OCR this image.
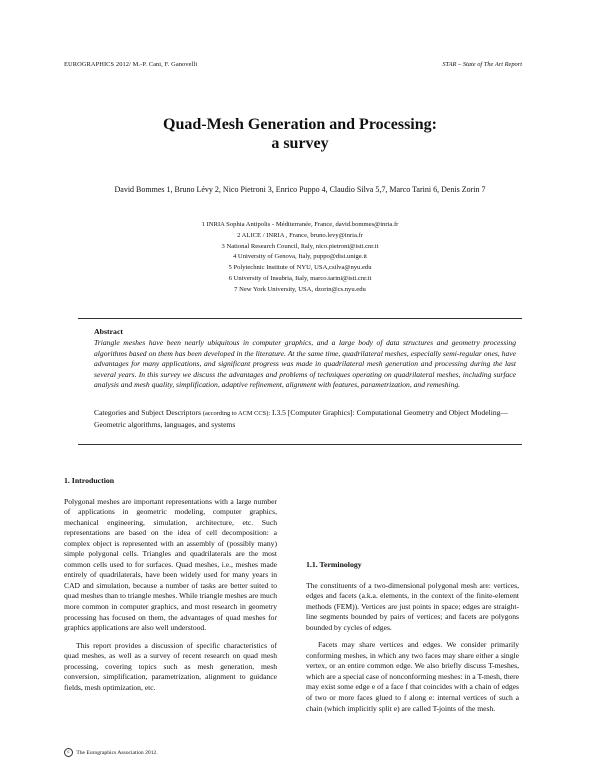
EUROGRAPHICS 2012/ M.-P. Cani, F. Ganovelli	STAR – State of The Art Report
Quad-Mesh Generation and Processing:
a survey
David Bommes 1, Bruno Lévy 2, Nico Pietroni 3, Enrico Puppo 4, Claudio Silva 5,7, Marco Tarini 6, Denis Zorin 7
1 INRIA Sophia Antipolis - Méditerranée, France, david.bommes@inria.fr
2 ALICE / INRIA , France, bruno.levy@inria.fr
3 National Research Council, Italy, nico.pietroni@isti.cnr.it
4 University of Genova, Italy, puppo@disi.unige.it
5 Polytechnic Institute of NYU, USA,csilva@nyu.edu
6 University of Insubria, Italy, marco.tarini@isti.cnr.it
7 New York University, USA, dzorin@cs.nyu.edu
Abstract
Triangle meshes have been nearly ubiquitous in computer graphics, and a large body of data structures and geometry processing algorithms based on them has been developed in the literature. At the same time, quadrilateral meshes, especially semi-regular ones, have advantages for many applications, and significant progress was made in quadrilateral mesh generation and processing during the last several years. In this survey we discuss the advantages and problems of techniques operating on quadrilateral meshes, including surface analysis and mesh quality, simplification, adaptive refinement, alignment with features, parametrization, and remeshing.
Categories and Subject Descriptors (according to ACM CCS): I.3.5 [Computer Graphics]: Computational Geometry and Object Modeling— Geometric algorithms, languages, and systems
1. Introduction

Polygonal meshes are important representations with a large number of applications in geometric modeling, computer graphics, mechanical engineering, simulation, architecture, etc. Such representations are based on the idea of cell decomposition: a complex object is represented with an assembly of (possibly many) simple polygonal cells. Triangles and quadrilaterals are the most common cells used to for surfaces. Quad meshes, i.e., meshes made entirely of quadrilaterals, have been widely used for many years in CAD and simulation, because a number of tasks are better suited to quad meshes than to triangle meshes. While triangle meshes are much more common in computer graphics, and most research in geometry processing has focused on them, the advantages of quad meshes for graphics applications are also well understood.

This report provides a discussion of specific characteristics of quad meshes, as well as a survey of recent research on quad mesh processing, covering topics such as mesh generation, mesh conversion, simplification, parametrization, alignment to guidance fields, mesh optimization, etc.

1.1. Terminology

The constituents of a two-dimensional polygonal mesh are: vertices, edges and facets (a.k.a. elements, in the context of the finite-element methods (FEM)). Vertices are just points in space; edges are straight-line segments bounded by pairs of vertices; and facets are polygons bounded by cycles of edges.

Facets may share vertices and edges. We consider primarily conforming meshes, in which any two faces may share either a single vertex, or an entire common edge. We also briefly discuss T-meshes, which are a special case of nonconforming meshes: in a T-mesh, there may exist some edge e of a face f that coincides with a chain of edges of two or more faces glued to f along e: internal vertices of such a chain (which implicitly split e) are called T-joints of the mesh.

c The Eurographics Association 2012.
